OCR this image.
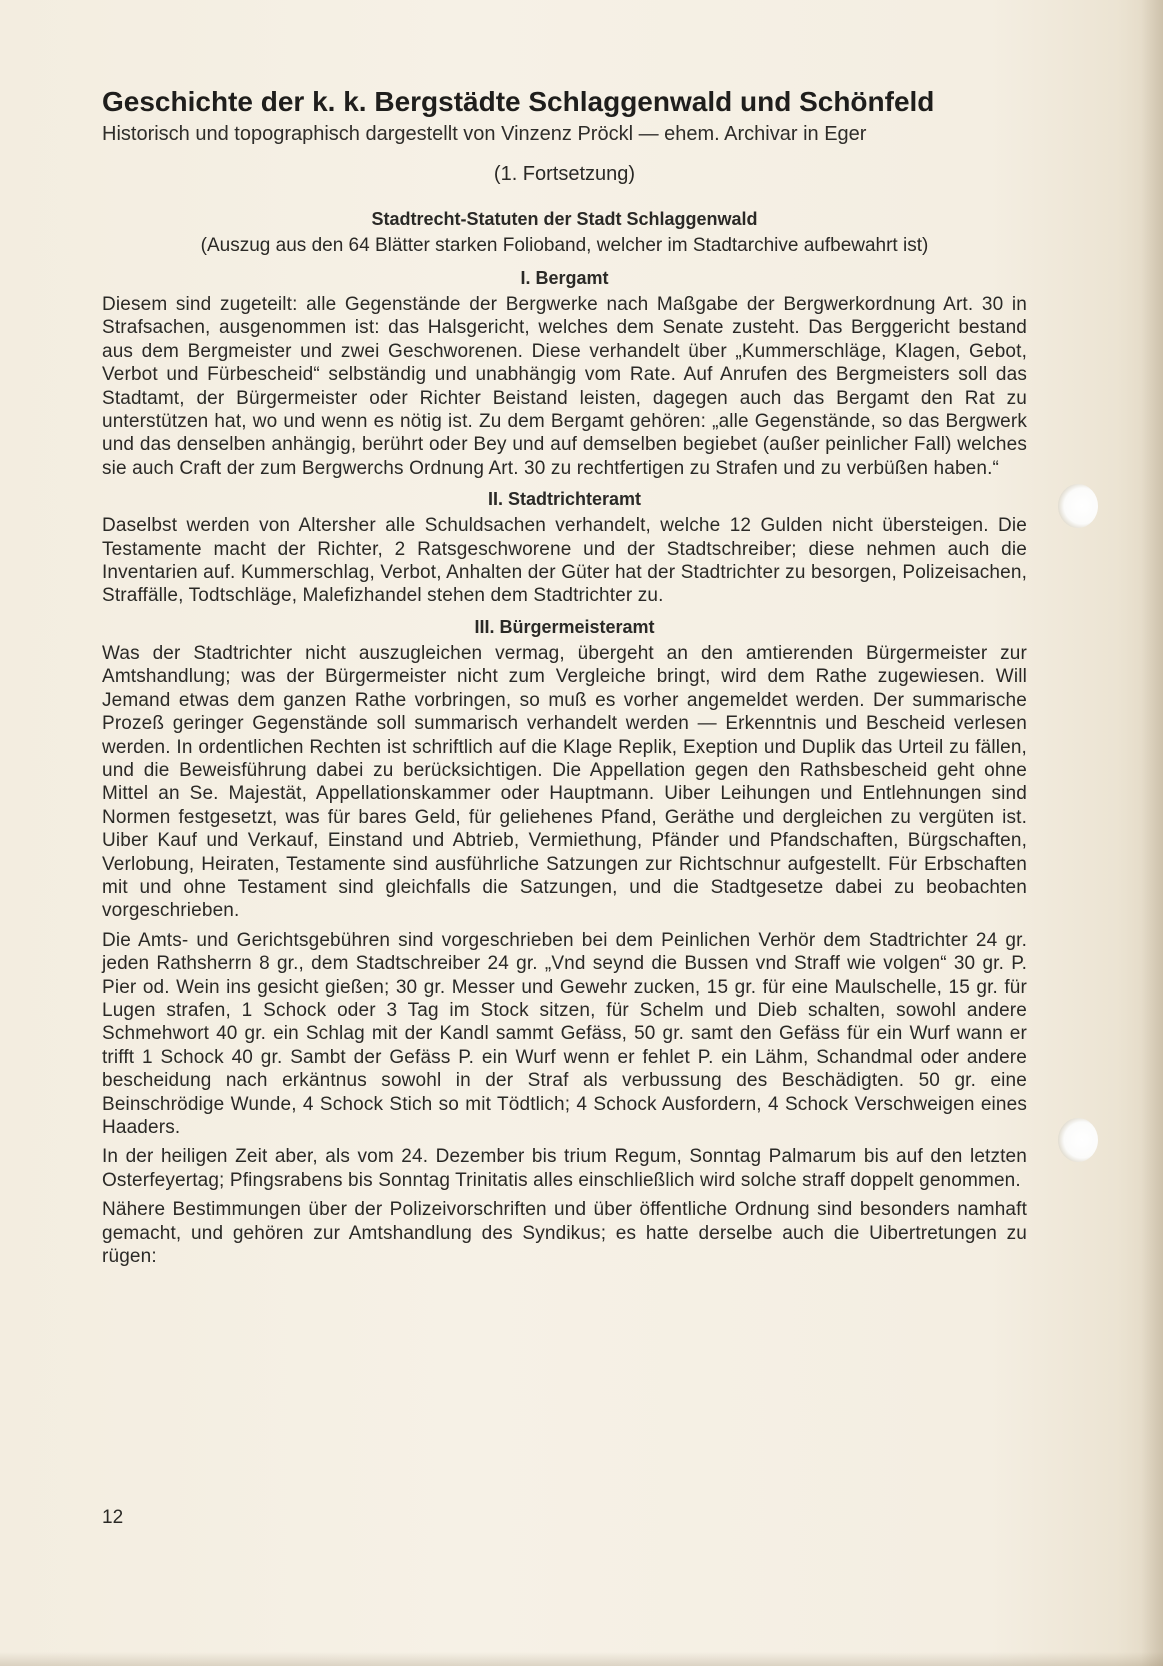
Geschichte der k. k. Bergstädte Schlaggenwald und Schönfeld

Historisch und topographisch dargestellt von Vinzenz Pröckl — ehem. Archivar in Eger

(1. Fortsetzung)

Stadtrecht-Statuten der Stadt Schlaggenwald

(Auszug aus den 64 Blätter starken Folioband, welcher im Stadtarchive aufbewahrt ist)

I. Bergamt

Diesem sind zugeteilt: alle Gegenstände der Bergwerke nach Maßgabe der Bergwerkordnung Art. 30 in Strafsachen, ausgenommen ist: das Halsgericht, welches dem Senate zusteht. Das Berggericht bestand aus dem Bergmeister und zwei Geschworenen. Diese verhandelt über „Kummerschläge, Klagen, Gebot, Verbot und Fürbescheid“ selbständig und unabhängig vom Rate. Auf Anrufen des Bergmeisters soll das Stadtamt, der Bürgermeister oder Richter Beistand leisten, dagegen auch das Bergamt den Rat zu unterstützen hat, wo und wenn es nötig ist. Zu dem Bergamt gehören: „alle Gegenstände, so das Bergwerk und das denselben anhängig, berührt oder Bey und auf demselben begiebet (außer peinlicher Fall) welches sie auch Craft der zum Bergwerchs Ordnung Art. 30 zu rechtfertigen zu Strafen und zu verbüßen haben.“

II. Stadtrichteramt

Daselbst werden von Altersher alle Schuldsachen verhandelt, welche 12 Gulden nicht übersteigen. Die Testamente macht der Richter, 2 Ratsgeschworene und der Stadtschreiber; diese nehmen auch die Inventarien auf. Kummerschlag, Verbot, Anhalten der Güter hat der Stadtrichter zu besorgen, Polizeisachen, Straffälle, Todtschläge, Malefizhandel stehen dem Stadtrichter zu.

III. Bürgermeisteramt

Was der Stadtrichter nicht auszugleichen vermag, übergeht an den amtierenden Bürgermeister zur Amtshandlung; was der Bürgermeister nicht zum Vergleiche bringt, wird dem Rathe zugewiesen. Will Jemand etwas dem ganzen Rathe vorbringen, so muß es vorher angemeldet werden. Der summarische Prozeß geringer Gegenstände soll summarisch verhandelt werden — Erkenntnis und Bescheid verlesen werden. In ordentlichen Rechten ist schriftlich auf die Klage Replik, Exeption und Duplik das Urteil zu fällen, und die Beweisführung dabei zu berücksichtigen. Die Appellation gegen den Rathsbescheid geht ohne Mittel an Se. Majestät, Appellationskammer oder Hauptmann. Uiber Leihungen und Entlehnungen sind Normen festgesetzt, was für bares Geld, für geliehenes Pfand, Geräthe und dergleichen zu vergüten ist. Uiber Kauf und Verkauf, Einstand und Abtrieb, Vermiethung, Pfänder und Pfandschaften, Bürgschaften, Verlobung, Heiraten, Testamente sind ausführliche Satzungen zur Richtschnur aufgestellt. Für Erbschaften mit und ohne Testament sind gleichfalls die Satzungen, und die Stadtgesetze dabei zu beobachten vorgeschrieben.

Die Amts- und Gerichtsgebühren sind vorgeschrieben bei dem Peinlichen Verhör dem Stadtrichter 24 gr. jeden Rathsherrn 8 gr., dem Stadtschreiber 24 gr. „Vnd seynd die Bussen vnd Straff wie volgen“ 30 gr. P. Pier od. Wein ins gesicht gießen; 30 gr. Messer und Gewehr zucken, 15 gr. für eine Maulschelle, 15 gr. für Lugen strafen, 1 Schock oder 3 Tag im Stock sitzen, für Schelm und Dieb schalten, sowohl andere Schmehwort 40 gr. ein Schlag mit der Kandl sammt Gefäss, 50 gr. samt den Gefäss für ein Wurf wann er trifft 1 Schock 40 gr. Sambt der Gefäss P. ein Wurf wenn er fehlet P. ein Lähm, Schandmal oder andere bescheidung nach erkäntnus sowohl in der Straf als verbussung des Beschädigten. 50 gr. eine Beinschrödige Wunde, 4 Schock Stich so mit Tödtlich; 4 Schock Ausfordern, 4 Schock Verschweigen eines Haaders.

In der heiligen Zeit aber, als vom 24. Dezember bis trium Regum, Sonntag Palmarum bis auf den letzten Osterfeyertag; Pfingsrabens bis Sonntag Trinitatis alles einschließlich wird solche straff doppelt genommen.

Nähere Bestimmungen über der Polizeivorschriften und über öffentliche Ordnung sind besonders namhaft gemacht, und gehören zur Amtshandlung des Syndikus; es hatte derselbe auch die Uibertretungen zu rügen:

12
